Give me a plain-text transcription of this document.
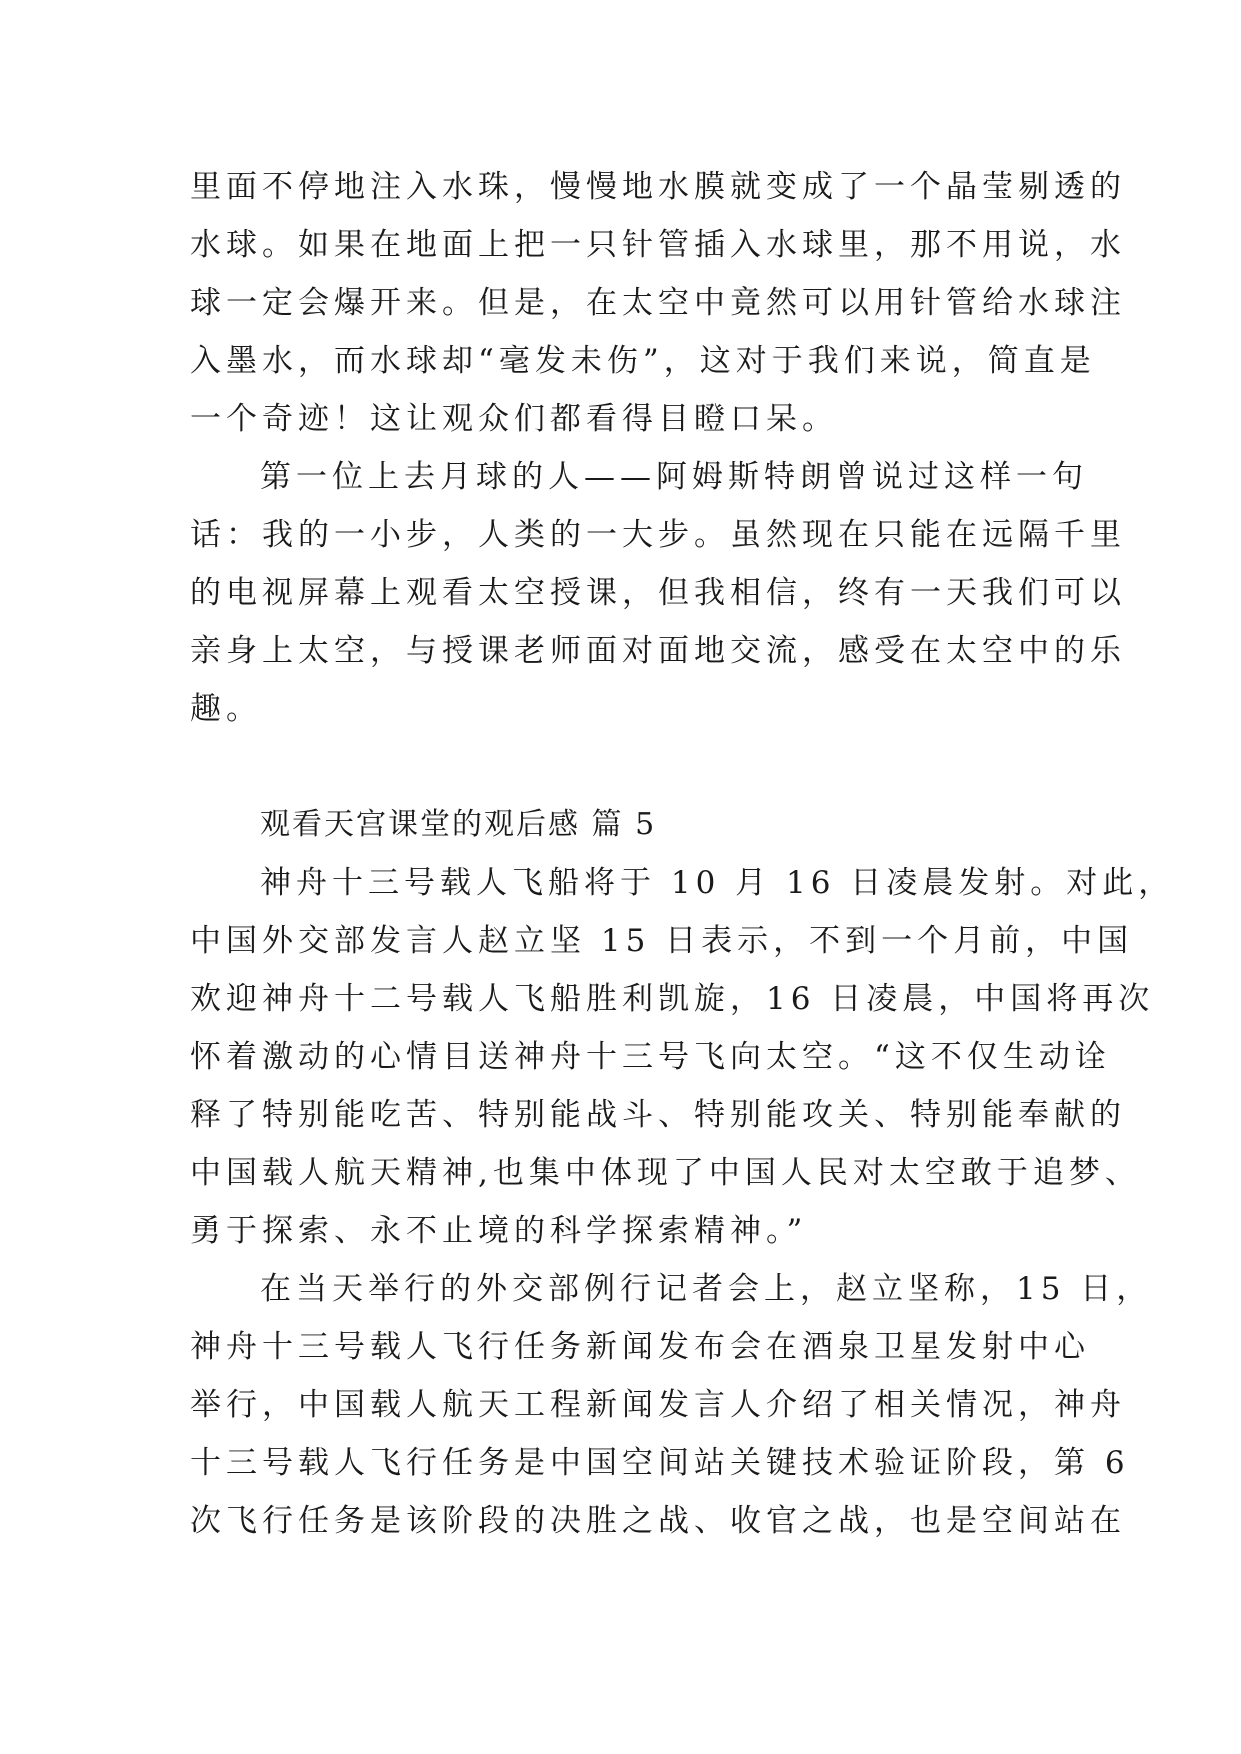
里面不停地注入水珠，慢慢地水膜就变成了一个晶莹剔透的
水球。如果在地面上把一只针管插入水球里，那不用说，水
球一定会爆开来。但是，在太空中竟然可以用针管给水球注
入墨水，而水球却“毫发未伤”，这对于我们来说，简直是
一个奇迹！这让观众们都看得目瞪口呆。
第一位上去月球的人——阿姆斯特朗曾说过这样一句
话：我的一小步，人类的一大步。虽然现在只能在远隔千里
的电视屏幕上观看太空授课，但我相信，终有一天我们可以
亲身上太空，与授课老师面对面地交流，感受在太空中的乐
趣。
观看天宫课堂的观后感 篇 5
神舟十三号载人飞船将于 10 月 16 日凌晨发射。对此，
中国外交部发言人赵立坚 15 日表示，不到一个月前，中国
欢迎神舟十二号载人飞船胜利凯旋，16 日凌晨，中国将再次
怀着激动的心情目送神舟十三号飞向太空。“这不仅生动诠
释了特别能吃苦、特别能战斗、特别能攻关、特别能奉献的
中国载人航天精神,也集中体现了中国人民对太空敢于追梦、
勇于探索、永不止境的科学探索精神。”
在当天举行的外交部例行记者会上，赵立坚称，15 日，
神舟十三号载人飞行任务新闻发布会在酒泉卫星发射中心
举行，中国载人航天工程新闻发言人介绍了相关情况，神舟
十三号载人飞行任务是中国空间站关键技术验证阶段，第 6
次飞行任务是该阶段的决胜之战、收官之战，也是空间站在
